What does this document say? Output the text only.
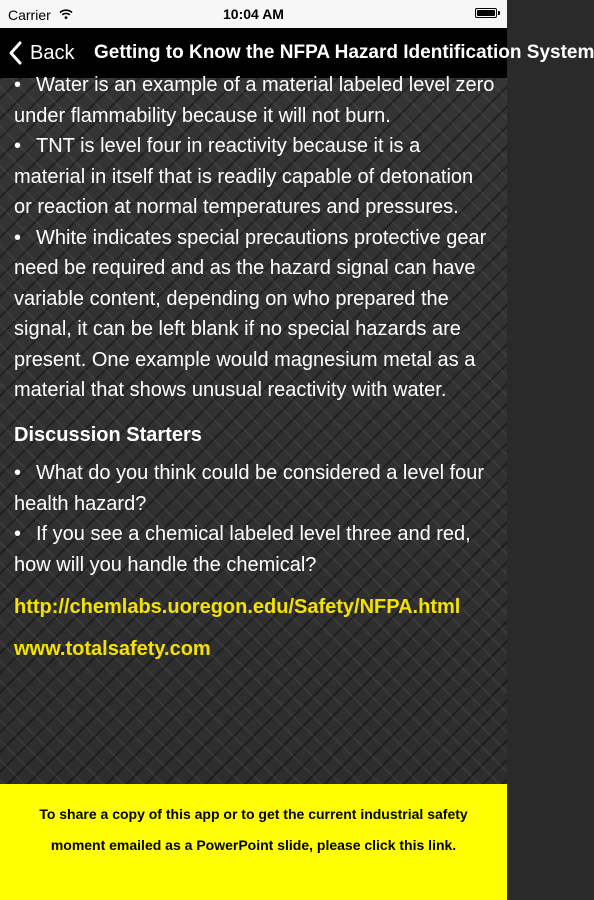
Carrier	10:04 AM
Back Getting to Know the NFPA Hazard Identification System

• Water is an example of a material labeled level zero under flammability because it will not burn.

• TNT is level four in reactivity because it is a material in itself that is readily capable of detonation or reaction at normal temperatures and pressures.

• White indicates special precautions protective gear need be required and as the hazard signal can have variable content, depending on who prepared the signal, it can be left blank if no special hazards are present. One example would magnesium metal as a material that shows unusual reactivity with water.

Discussion Starters

• What do you think could be considered a level four health hazard?

• If you see a chemical labeled level three and red, how will you handle the chemical?

http://chemlabs.uoregon.edu/Safety/NFPA.html
www.totalsafety.com
To share a copy of this app or to get the current industrial safety moment emailed as a PowerPoint slide, please click this link.
